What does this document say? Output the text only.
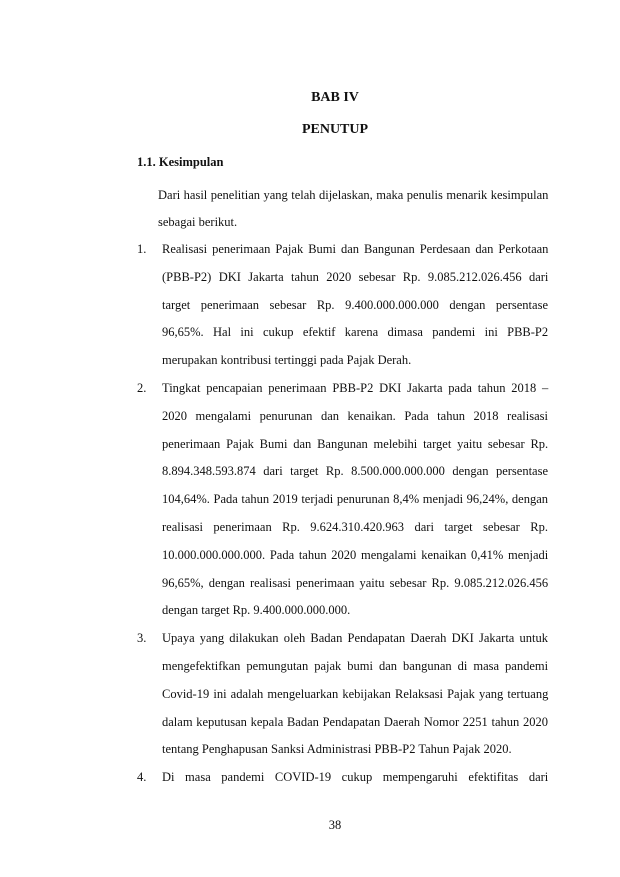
BAB IV
PENUTUP
1.1. Kesimpulan
Dari hasil penelitian yang telah dijelaskan, maka penulis menarik kesimpulan
sebagai berikut.
1. Realisasi penerimaan Pajak Bumi dan Bangunan Perdesaan dan Perkotaan
(PBB-P2) DKI Jakarta tahun 2020 sebesar Rp. 9.085.212.026.456 dari
target penerimaan sebesar Rp. 9.400.000.000.000 dengan persentase
96,65%. Hal ini cukup efektif karena dimasa pandemi ini PBB-P2
merupakan kontribusi tertinggi pada Pajak Derah.
2. Tingkat pencapaian penerimaan PBB-P2 DKI Jakarta pada tahun 2018 –
2020 mengalami penurunan dan kenaikan. Pada tahun 2018 realisasi
penerimaan Pajak Bumi dan Bangunan melebihi target yaitu sebesar Rp.
8.894.348.593.874 dari target Rp. 8.500.000.000.000 dengan persentase
104,64%. Pada tahun 2019 terjadi penurunan 8,4% menjadi 96,24%, dengan
realisasi penerimaan Rp. 9.624.310.420.963 dari target sebesar Rp.
10.000.000.000.000. Pada tahun 2020 mengalami kenaikan 0,41% menjadi
96,65%, dengan realisasi penerimaan yaitu sebesar Rp. 9.085.212.026.456
dengan target Rp. 9.400.000.000.000.
3. Upaya yang dilakukan oleh Badan Pendapatan Daerah DKI Jakarta untuk
mengefektifkan pemungutan pajak bumi dan bangunan di masa pandemi
Covid-19 ini adalah mengeluarkan kebijakan Relaksasi Pajak yang tertuang
dalam keputusan kepala Badan Pendapatan Daerah Nomor 2251 tahun 2020
tentang Penghapusan Sanksi Administrasi PBB-P2 Tahun Pajak 2020.
4. Di masa pandemi COVID-19 cukup mempengaruhi efektifitas dari
38
